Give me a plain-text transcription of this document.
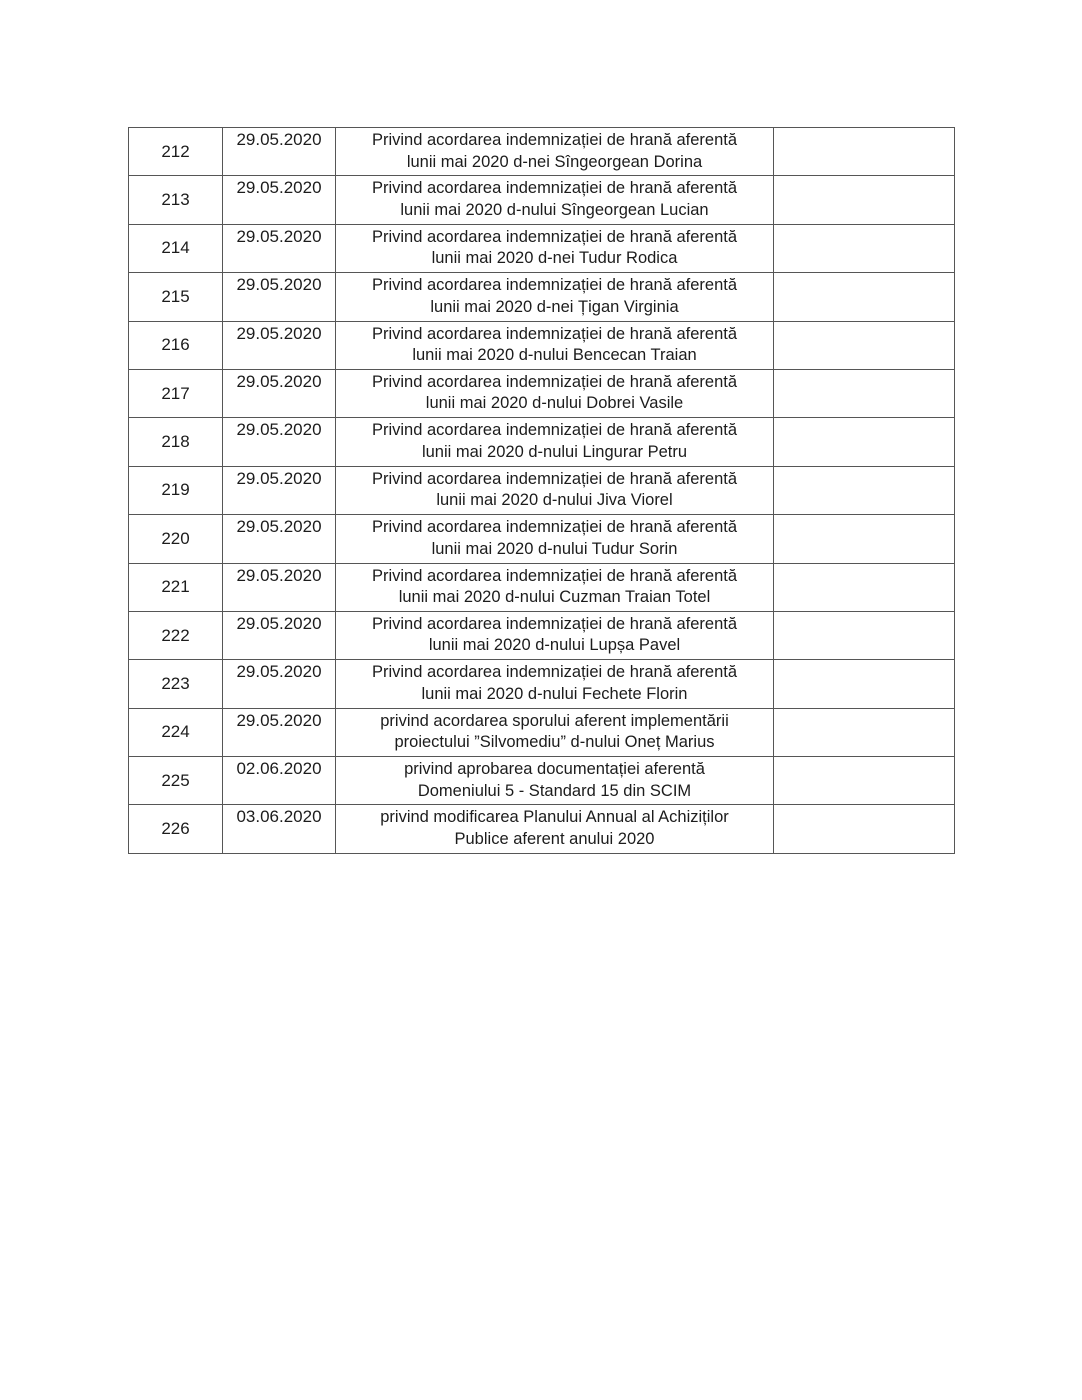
212	29.05.2020	Privind acordarea indemnizației de hrană aferentă
lunii mai 2020 d-nei Sîngeorgean Dorina	

213	29.05.2020	Privind acordarea indemnizației de hrană aferentă
lunii mai 2020 d-nului Sîngeorgean Lucian	

214	29.05.2020	Privind acordarea indemnizației de hrană aferentă
lunii mai 2020 d-nei Tudur Rodica	

215	29.05.2020	Privind acordarea indemnizației de hrană aferentă
lunii mai 2020 d-nei Țigan Virginia	

216	29.05.2020	Privind acordarea indemnizației de hrană aferentă
lunii mai 2020 d-nului Bencecan Traian	

217	29.05.2020	Privind acordarea indemnizației de hrană aferentă
lunii mai 2020 d-nului Dobrei Vasile	

218	29.05.2020	Privind acordarea indemnizației de hrană aferentă
lunii mai 2020 d-nului Lingurar Petru	

219	29.05.2020	Privind acordarea indemnizației de hrană aferentă
lunii mai 2020 d-nului Jiva Viorel	

220	29.05.2020	Privind acordarea indemnizației de hrană aferentă
lunii mai 2020 d-nului Tudur Sorin	

221	29.05.2020	Privind acordarea indemnizației de hrană aferentă
lunii mai 2020 d-nului Cuzman Traian Totel	

222	29.05.2020	Privind acordarea indemnizației de hrană aferentă
lunii mai 2020 d-nului Lupșa Pavel	

223	29.05.2020	Privind acordarea indemnizației de hrană aferentă
lunii mai 2020 d-nului Fechete Florin	

224	29.05.2020	privind acordarea sporului aferent implementării
proiectului ”Silvomediu” d-nului Oneț Marius	

225	02.06.2020	privind aprobarea documentației aferentă
Domeniului 5 - Standard 15 din SCIM	

226	03.06.2020	privind modificarea Planului Annual al Achiziților
Publice aferent anului 2020	
